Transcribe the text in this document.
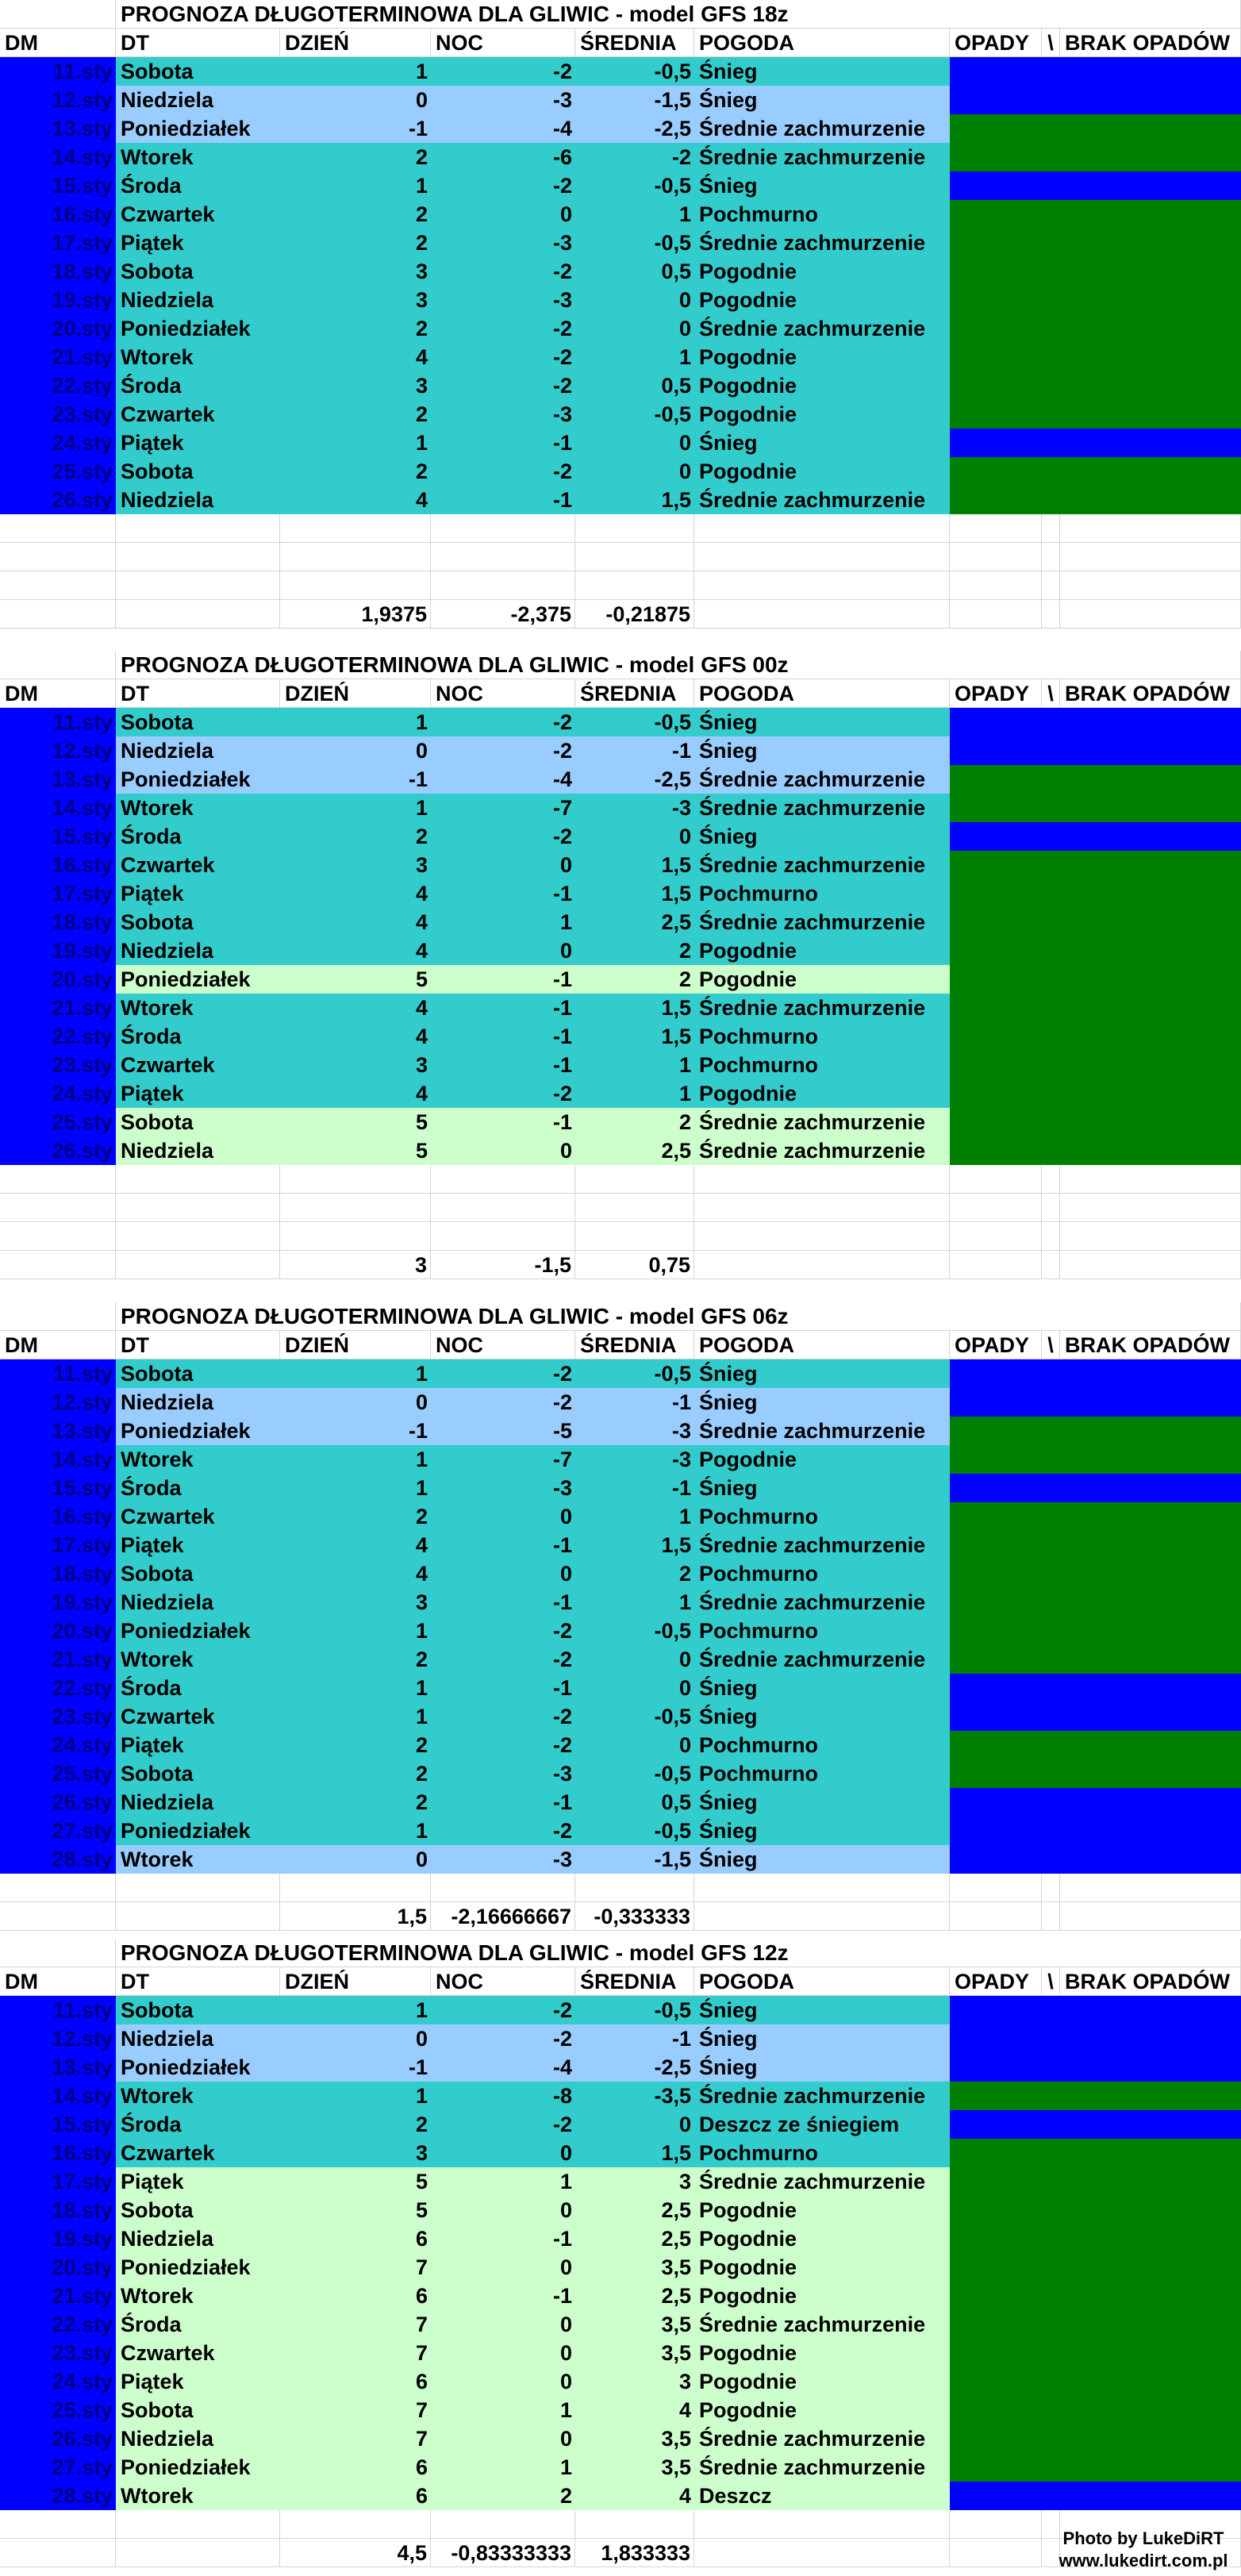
PROGNOZA DŁUGOTERMINOWA DLA GLIWIC - model GFS 18z
DM	DT	DZIEŃ	NOC	ŚREDNIA	POGODA	OPADY \ BRAK OPADÓW
11.sty Sobota	1	-2	-0,5 Śnieg
12.sty Niedziela	0	-3	-1,5 Śnieg
13.sty Poniedziałek	-1	-4	-2,5 Średnie zachmurzenie
14.sty Wtorek	2	-6	-2 Średnie zachmurzenie
15.sty Środa	1	-2	-0,5 Śnieg
16.sty Czwartek	2	0	1 Pochmurno
17.sty Piątek	2	-3	-0,5 Średnie zachmurzenie
18.sty Sobota	3	-2	0,5 Pogodnie
19.sty Niedziela	3	-3	0 Pogodnie
20.sty Poniedziałek	2	-2	0 Średnie zachmurzenie
21.sty Wtorek	4	-2	1 Pogodnie
22.sty Środa	3	-2	0,5 Pogodnie
23.sty Czwartek	2	-3	-0,5 Pogodnie
24.sty Piątek	1	-1	0 Śnieg
25.sty Sobota	2	-2	0 Pogodnie
26.sty Niedziela	4	-1	1,5 Średnie zachmurzenie
1,9375	-2,375	-0,21875
PROGNOZA DŁUGOTERMINOWA DLA GLIWIC - model GFS 00z
DM	DT	DZIEŃ	NOC	ŚREDNIA	POGODA	OPADY \ BRAK OPADÓW
11.sty Sobota	1	-2	-0,5 Śnieg
12.sty Niedziela	0	-2	-1 Śnieg
13.sty Poniedziałek	-1	-4	-2,5 Średnie zachmurzenie
14.sty Wtorek	1	-7	-3 Średnie zachmurzenie
15.sty Środa	2	-2	0 Śnieg
16.sty Czwartek	3	0	1,5 Średnie zachmurzenie
17.sty Piątek	4	-1	1,5 Pochmurno
18.sty Sobota	4	1	2,5 Średnie zachmurzenie
19.sty Niedziela	4	0	2 Pogodnie
20.sty Poniedziałek	5	-1	2 Pogodnie
21.sty Wtorek	4	-1	1,5 Średnie zachmurzenie
22.sty Środa	4	-1	1,5 Pochmurno
23.sty Czwartek	3	-1	1 Pochmurno
24.sty Piątek	4	-2	1 Pogodnie
25.sty Sobota	5	-1	2 Średnie zachmurzenie
26.sty Niedziela	5	0	2,5 Średnie zachmurzenie
3	-1,5	0,75
PROGNOZA DŁUGOTERMINOWA DLA GLIWIC - model GFS 06z
DM	DT	DZIEŃ	NOC	ŚREDNIA	POGODA	OPADY \ BRAK OPADÓW
11.sty Sobota	1	-2	-0,5 Śnieg
12.sty Niedziela	0	-2	-1 Śnieg
13.sty Poniedziałek	-1	-5	-3 Średnie zachmurzenie
14.sty Wtorek	1	-7	-3 Pogodnie
15.sty Środa	1	-3	-1 Śnieg
16.sty Czwartek	2	0	1 Pochmurno
17.sty Piątek	4	-1	1,5 Średnie zachmurzenie
18.sty Sobota	4	0	2 Pochmurno
19.sty Niedziela	3	-1	1 Średnie zachmurzenie
20.sty Poniedziałek	1	-2	-0,5 Pochmurno
21.sty Wtorek	2	-2	0 Średnie zachmurzenie
22.sty Środa	1	-1	0 Śnieg
23.sty Czwartek	1	-2	-0,5 Śnieg
24.sty Piątek	2	-2	0 Pochmurno
25.sty Sobota	2	-3	-0,5 Pochmurno
26.sty Niedziela	2	-1	0,5 Śnieg
27.sty Poniedziałek	1	-2	-0,5 Śnieg
28.sty Wtorek	0	-3	-1,5 Śnieg
1,5	-2,16666667	-0,333333
PROGNOZA DŁUGOTERMINOWA DLA GLIWIC - model GFS 12z
DM	DT	DZIEŃ	NOC	ŚREDNIA	POGODA	OPADY \ BRAK OPADÓW
11.sty Sobota	1	-2	-0,5 Śnieg
12.sty Niedziela	0	-2	-1 Śnieg
13.sty Poniedziałek	-1	-4	-2,5 Śnieg
14.sty Wtorek	1	-8	-3,5 Średnie zachmurzenie
15.sty Środa	2	-2	0 Deszcz ze śniegiem
16.sty Czwartek	3	0	1,5 Pochmurno
17.sty Piątek	5	1	3 Średnie zachmurzenie
18.sty Sobota	5	0	2,5 Pogodnie
19.sty Niedziela	6	-1	2,5 Pogodnie
20.sty Poniedziałek	7	0	3,5 Pogodnie
21.sty Wtorek	6	-1	2,5 Pogodnie
22.sty Środa	7	0	3,5 Średnie zachmurzenie
23.sty Czwartek	7	0	3,5 Pogodnie
24.sty Piątek	6	0	3 Pogodnie
25.sty Sobota	7	1	4 Pogodnie
26.sty Niedziela	7	0	3,5 Średnie zachmurzenie
27.sty Poniedziałek	6	1	3,5 Średnie zachmurzenie
28.sty Wtorek	6	2	4 Deszcz
4,5	-0,83333333	1,833333
Photo by LukeDiRT
www.lukedirt.com.pl
